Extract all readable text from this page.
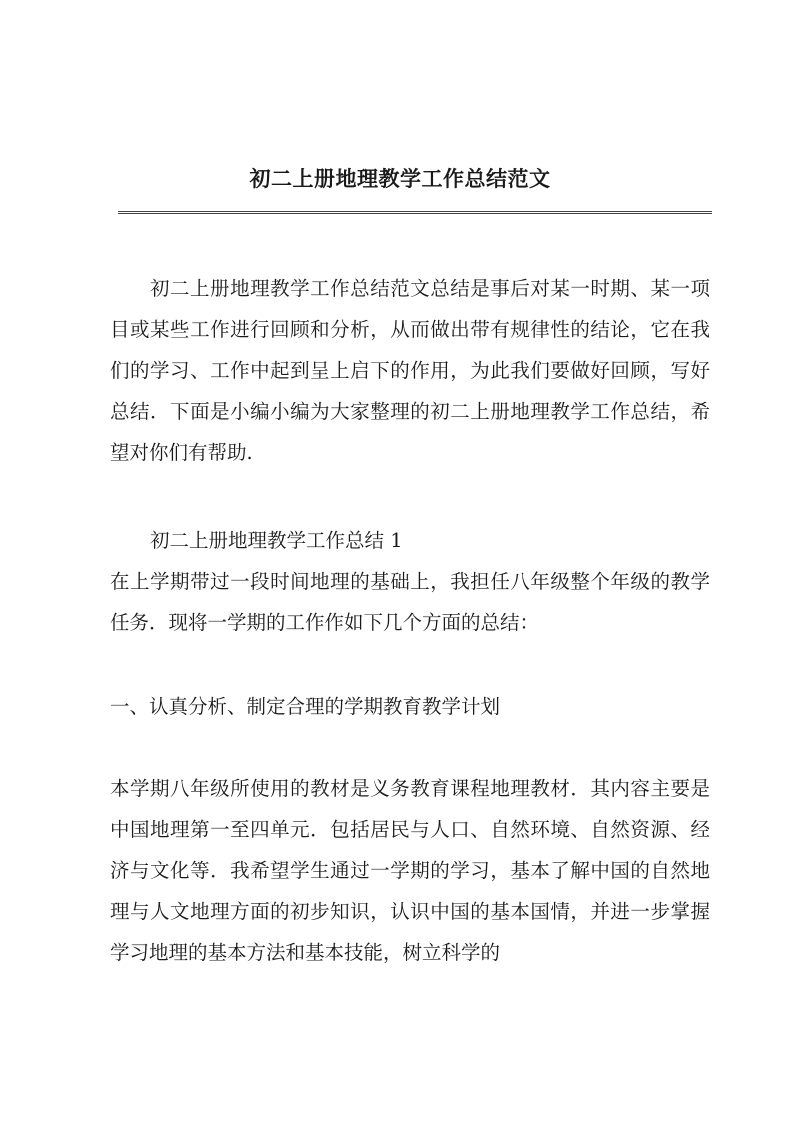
初二上册地理教学工作总结范文

初二上册地理教学工作总结范文总结是事后对某一时期、某一项目或某些工作进行回顾和分析，从而做出带有规律性的结论，它在我们的学习、工作中起到呈上启下的作用，为此我们要做好回顾，写好总结．下面是小编小编为大家整理的初二上册地理教学工作总结，希望对你们有帮助.

初二上册地理教学工作总结 1

在上学期带过一段时间地理的基础上，我担任八年级整个年级的教学任务．现将一学期的工作作如下几个方面的总结：

一、认真分析、制定合理的学期教育教学计划

本学期八年级所使用的教材是义务教育课程地理教材．其内容主要是中国地理第一至四单元．包括居民与人口、自然环境、自然资源、经济与文化等．我希望学生通过一学期的学习，基本了解中国的自然地理与人文地理方面的初步知识，认识中国的基本国情，并进一步掌握学习地理的基本方法和基本技能，树立科学的
